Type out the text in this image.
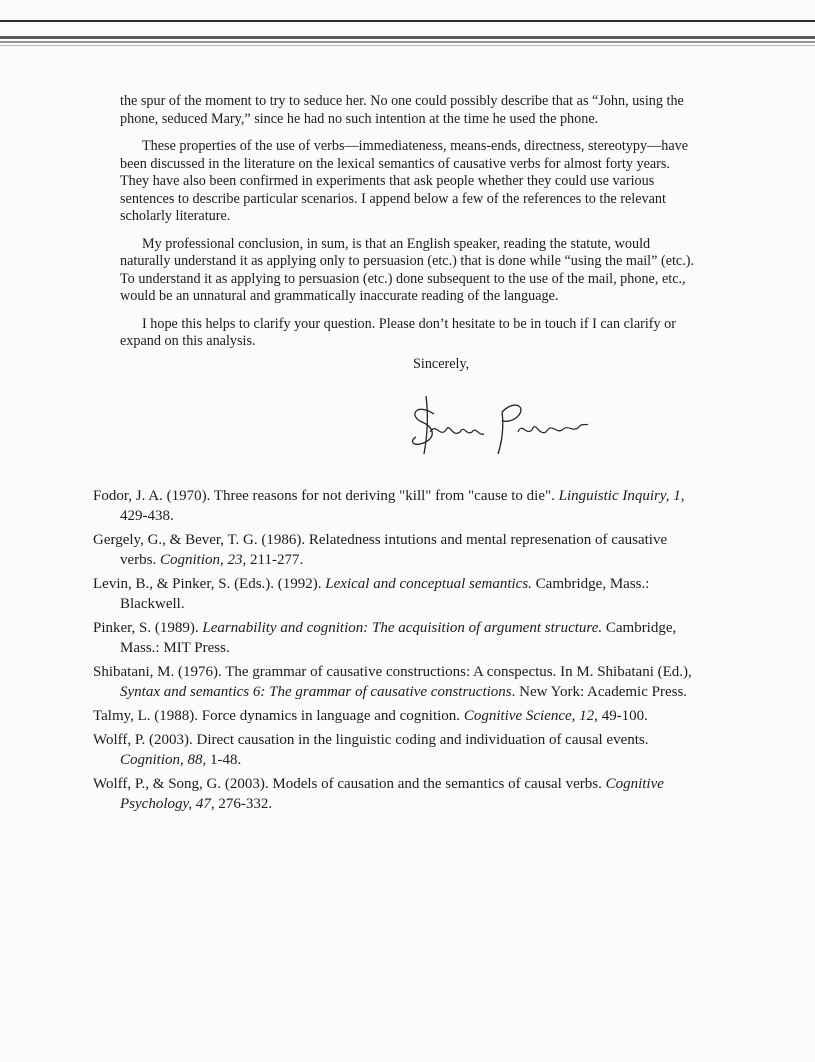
the spur of the moment to try to seduce her. No one could possibly describe that as “John, using the phone, seduced Mary,” since he had no such intention at the time he used the phone.

These properties of the use of verbs—immediateness, means-ends, directness, stereotypy—have been discussed in the literature on the lexical semantics of causative verbs for almost forty years. They have also been confirmed in experiments that ask people whether they could use various sentences to describe particular scenarios. I append below a few of the references to the relevant scholarly literature.

My professional conclusion, in sum, is that an English speaker, reading the statute, would naturally understand it as applying only to persuasion (etc.) that is done while “using the mail” (etc.). To understand it as applying to persuasion (etc.) done subsequent to the use of the mail, phone, etc., would be an unnatural and grammatically inaccurate reading of the language.

I hope this helps to clarify your question. Please don’t hesitate to be in touch if I can clarify or expand on this analysis.

Sincerely,
Steven Pinker

Fodor, J. A. (1970). Three reasons for not deriving "kill" from "cause to die". Linguistic Inquiry, 1, 429-438.

Gergely, G., & Bever, T. G. (1986). Relatedness intutions and mental represenation of causative verbs. Cognition, 23, 211-277.

Levin, B., & Pinker, S. (Eds.). (1992). Lexical and conceptual semantics. Cambridge, Mass.: Blackwell.

Pinker, S. (1989). Learnability and cognition: The acquisition of argument structure. Cambridge, Mass.: MIT Press.

Shibatani, M. (1976). The grammar of causative constructions: A conspectus. In M. Shibatani (Ed.), Syntax and semantics 6: The grammar of causative constructions. New York: Academic Press.

Talmy, L. (1988). Force dynamics in language and cognition. Cognitive Science, 12, 49-100.

Wolff, P. (2003). Direct causation in the linguistic coding and individuation of causal events. Cognition, 88, 1-48.

Wolff, P., & Song, G. (2003). Models of causation and the semantics of causal verbs. Cognitive Psychology, 47, 276-332.
